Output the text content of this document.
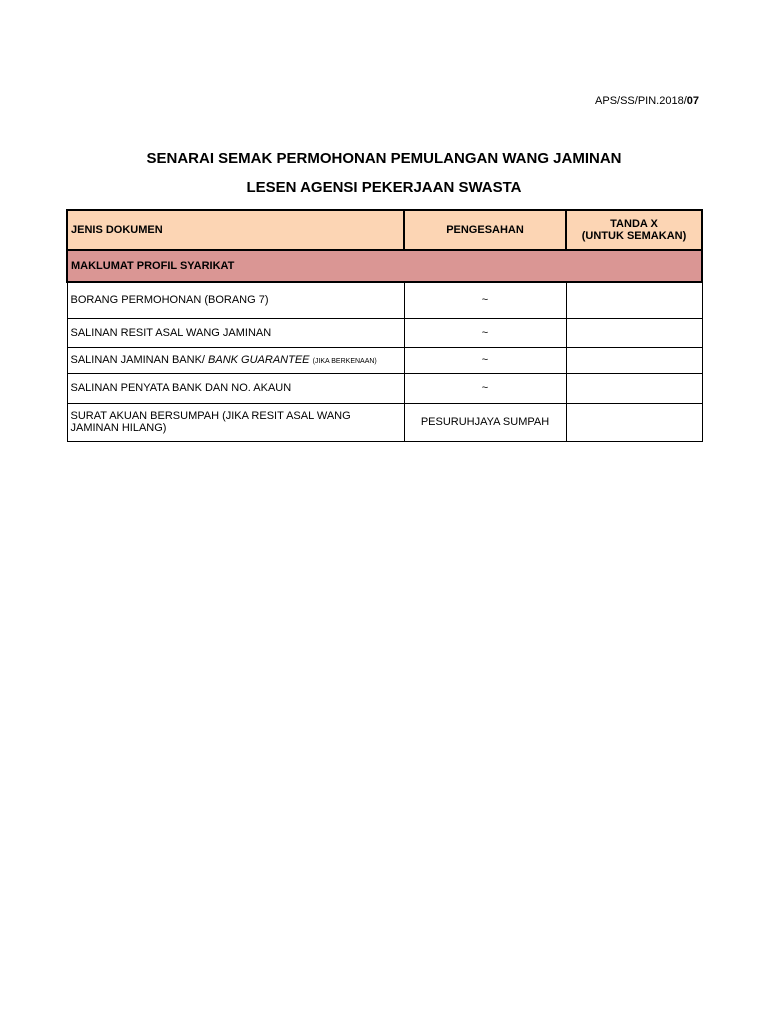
APS/SS/PIN.2018/07
SENARAI SEMAK PERMOHONAN PEMULANGAN WANG JAMINAN
LESEN AGENSI PEKERJAAN SWASTA
JENIS DOKUMEN	PENGESAHAN	TANDA X
(UNTUK SEMAKAN)

MAKLUMAT PROFIL SYARIKAT		
BORANG PERMOHONAN (BORANG 7)	~	
SALINAN RESIT ASAL WANG JAMINAN	~	
SALINAN JAMINAN BANK/ BANK GUARANTEE (JIKA BERKENAAN)	~	
SALINAN PENYATA BANK DAN NO. AKAUN	~	
SURAT AKUAN BERSUMPAH (JIKA RESIT ASAL WANG JAMINAN HILANG)	PESURUHJAYA SUMPAH	
